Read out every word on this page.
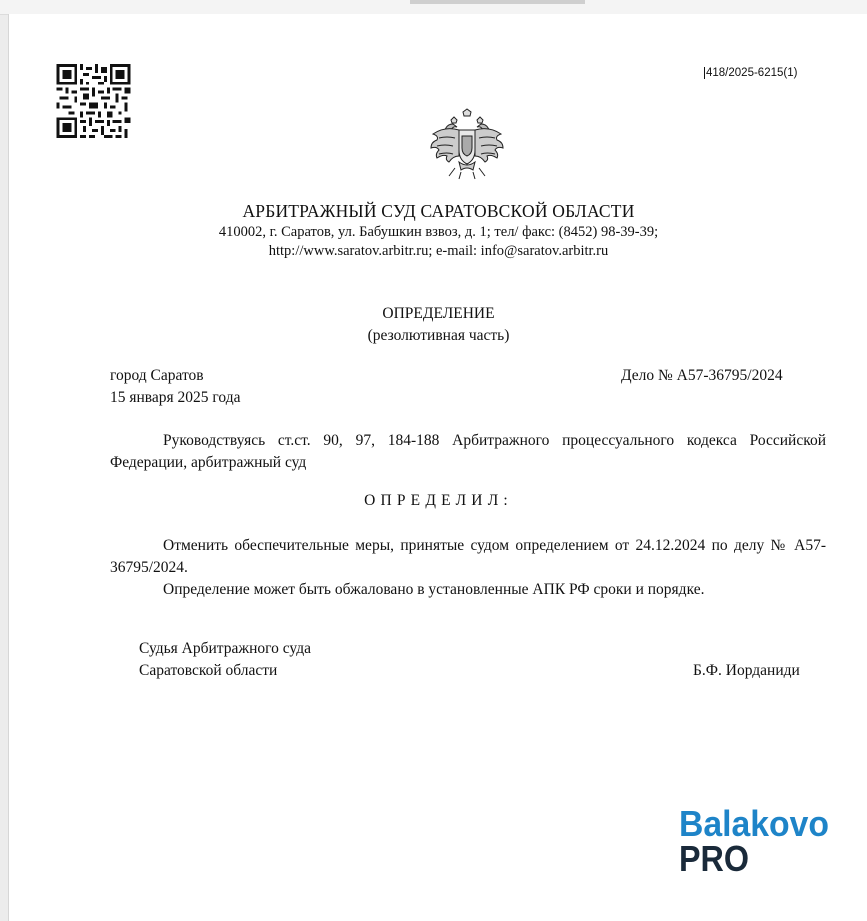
418/2025-6215(1)
АРБИТРАЖНЫЙ СУД САРАТОВСКОЙ ОБЛАСТИ
410002, г. Саратов, ул. Бабушкин взвоз, д. 1; тел/ факс: (8452) 98-39-39;
http://www.saratov.arbitr.ru; e-mail: info@saratov.arbitr.ru
ОПРЕДЕЛЕНИЕ
(резолютивная часть)
город Саратов
15 января 2025 года
Дело № А57-36795/2024
Руководствуясь ст.ст. 90, 97, 184-188 Арбитражного процессуального кодекса Российской Федерации, арбитражный суд
ОПРЕДЕЛИЛ:
Отменить обеспечительные меры, принятые судом определением от 24.12.2024 по делу № А57-36795/2024.
Определение может быть обжаловано в установленные АПК РФ сроки и порядке.
Судья Арбитражного суда
Саратовской области	Б.Ф. Иорданиди
Balakovo
PRO
